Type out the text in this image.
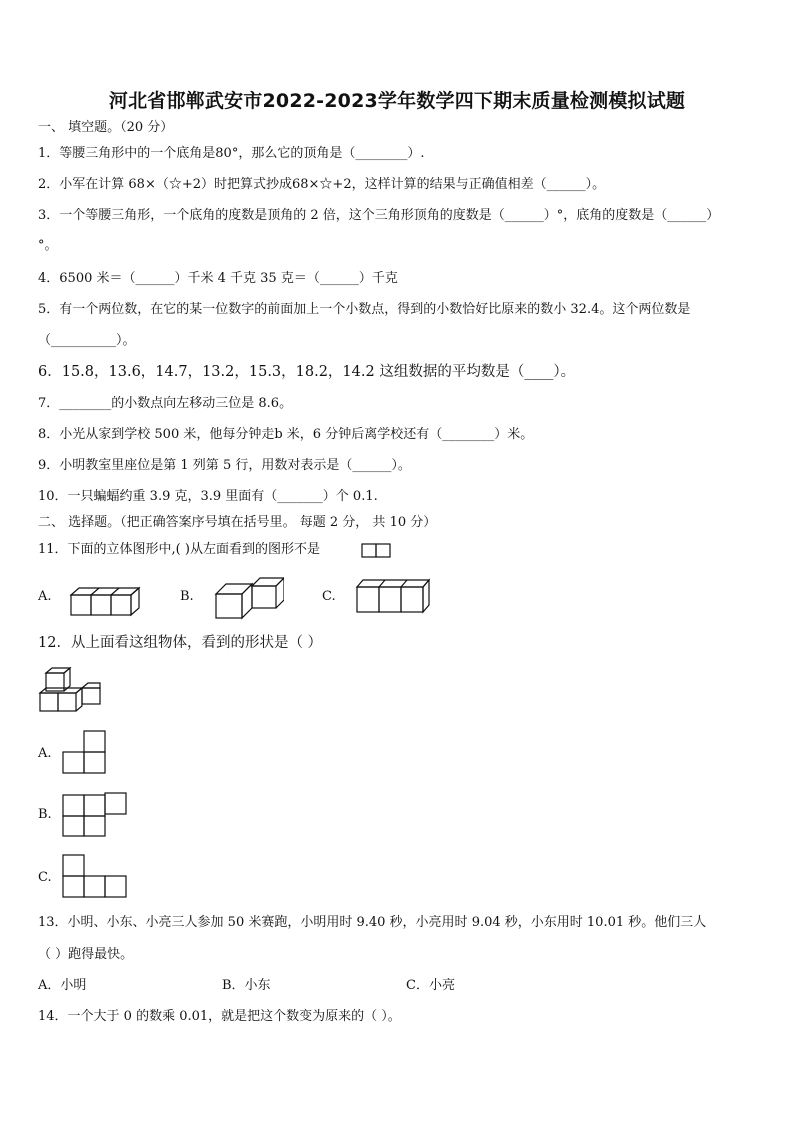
河北省邯郸武安市2022-2023学年数学四下期末质量检测模拟试题
一、 填空题。（20 分）
1．等腰三角形中的一个底角是80°，那么它的顶角是（________）.
2．小军在计算 68×（☆+2）时把算式抄成68×☆+2，这样计算的结果与正确值相差（______）。
3．一个等腰三角形，一个底角的度数是顶角的 2 倍，这个三角形顶角的度数是（______）°，底角的度数是（______）
°。
4．6500 米＝（______）千米 4 千克 35 克＝（______）千克
5．有一个两位数，在它的某一位数字的前面加上一个小数点，得到的小数恰好比原来的数小 32.4。这个两位数是
（__________）。
6．15.8，13.6，14.7，13.2，15.3，18.2，14.2 这组数据的平均数是（____）。
7．________的小数点向左移动三位是 8.6。
8．小光从家到学校 500 米，他每分钟走b 米，6 分钟后离学校还有（________）米。
9．小明教室里座位是第 1 列第 5 行，用数对表示是（______）。
10．一只蝙蝠约重 3.9 克，3.9 里面有（_______）个 0.1.
二、 选择题。（把正确答案序号填在括号里。 每题 2 分， 共 10 分）
11．下面的立体图形中,( )从左面看到的图形不是
A.	B.	C.
12．从上面看这组物体，看到的形状是（ ）
A.
B.
C.
13．小明、小东、小亮三人参加 50 米赛跑，小明用时 9.40 秒，小亮用时 9.04 秒，小东用时 10.01 秒。他们三人
（ ）跑得最快。
A．小明	B．小东	C．小亮
14．一个大于 0 的数乘 0.01，就是把这个数变为原来的（ ）。
